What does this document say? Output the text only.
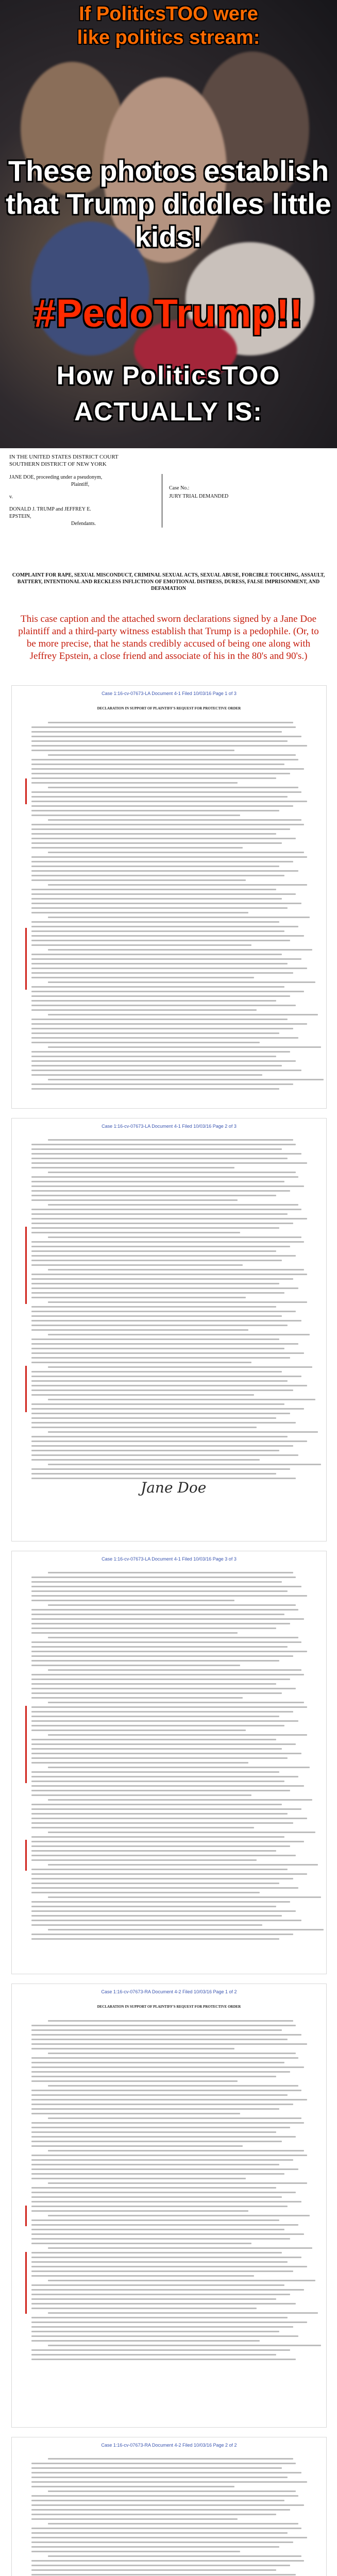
If PoliticsTOO were
like politics stream:
These photos establish that Trump diddles little kids!
#PedoTrump!!
How PoliticsTOO
ACTUALLY IS:
IN THE UNITED STATES DISTRICT COURT
SOUTHERN DISTRICT OF NEW YORK
JANE DOE, proceeding under a pseudonym,
Plaintiff,
v.
DONALD J. TRUMP and JEFFREY E. EPSTEIN,
Defendants.
Case No.:
JURY TRIAL DEMANDED
COMPLAINT FOR RAPE, SEXUAL MISCONDUCT, CRIMINAL SEXUAL ACTS, SEXUAL ABUSE, FORCIBLE TOUCHING, ASSAULT, BATTERY, INTENTIONAL AND RECKLESS INFLICTION OF EMOTIONAL DISTRESS, DURESS, FALSE IMPRISONMENT, AND DEFAMATION
This case caption and the attached sworn declarations signed by a Jane Doe plaintiff and a third-party witness establish that Trump is a pedophile. (Or, to be more precise, that he stands credibly accused of being one along with Jeffrey Epstein, a close friend and associate of his in the 80's and 90's.)
Case 1:16-cv-07673-LA Document 4-1 Filed 10/03/16 Page 1 of 3
DECLARATION IN SUPPORT OF PLAINTIFF'S REQUEST FOR PROTECTIVE ORDER
Case 1:16-cv-07673-LA Document 4-1 Filed 10/03/16 Page 2 of 3
Jane Doe
Case 1:16-cv-07673-LA Document 4-1 Filed 10/03/16 Page 3 of 3
Case 1:16-cv-07673-RA Document 4-2 Filed 10/03/16 Page 1 of 2
DECLARATION IN SUPPORT OF PLAINTIFF'S REQUEST FOR PROTECTIVE ORDER
Case 1:16-cv-07673-RA Document 4-2 Filed 10/03/16 Page 2 of 2
